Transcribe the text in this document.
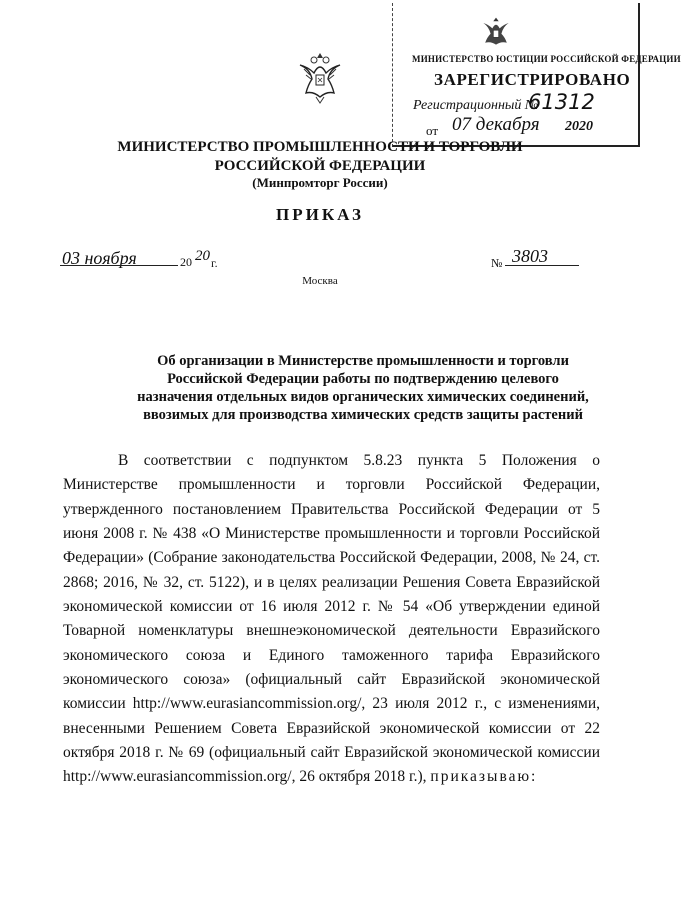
МИНИСТЕРСТВО ЮСТИЦИИ РОССИЙСКОЙ ФЕДЕРАЦИИ
ЗАРЕГИСТРИРОВАНО
Регистрационный №
61312
от 07 декабря 2020
МИНИСТЕРСТВО ПРОМЫШЛЕННОСТИ И ТОРГОВЛИ
РОССИЙСКОЙ ФЕДЕРАЦИИ
(Минпромторг России)
ПРИКАЗ
03 ноября	20 20 г.	№ 3803
Москва
Об организации в Министерстве промышленности и торговли Российской Федерации работы по подтверждению целевого назначения отдельных видов органических химических соединений, ввозимых для производства химических средств защиты растений

В соответствии с подпунктом 5.8.23 пункта 5 Положения о Министерстве промышленности и торговли Российской Федерации, утвержденного постановлением Правительства Российской Федерации от 5 июня 2008 г. № 438 «О Министерстве промышленности и торговли Российской Федерации» (Собрание законодательства Российской Федерации, 2008, № 24, ст. 2868; 2016, № 32, ст. 5122), и в целях реализации Решения Совета Евразийской экономической комиссии от 16 июля 2012 г. № 54 «Об утверждении единой Товарной номенклатуры внешнеэкономической деятельности Евразийского экономического союза и Единого таможенного тарифа Евразийского экономического союза» (официальный сайт Евразийской экономической комиссии http://www.eurasiancommission.org/, 23 июля 2012 г., с изменениями, внесенными Решением Совета Евразийской экономической комиссии от 22 октября 2018 г. № 69 (официальный сайт Евразийской экономической комиссии http://www.eurasiancommission.org/, 26 октября 2018 г.), приказываю:
